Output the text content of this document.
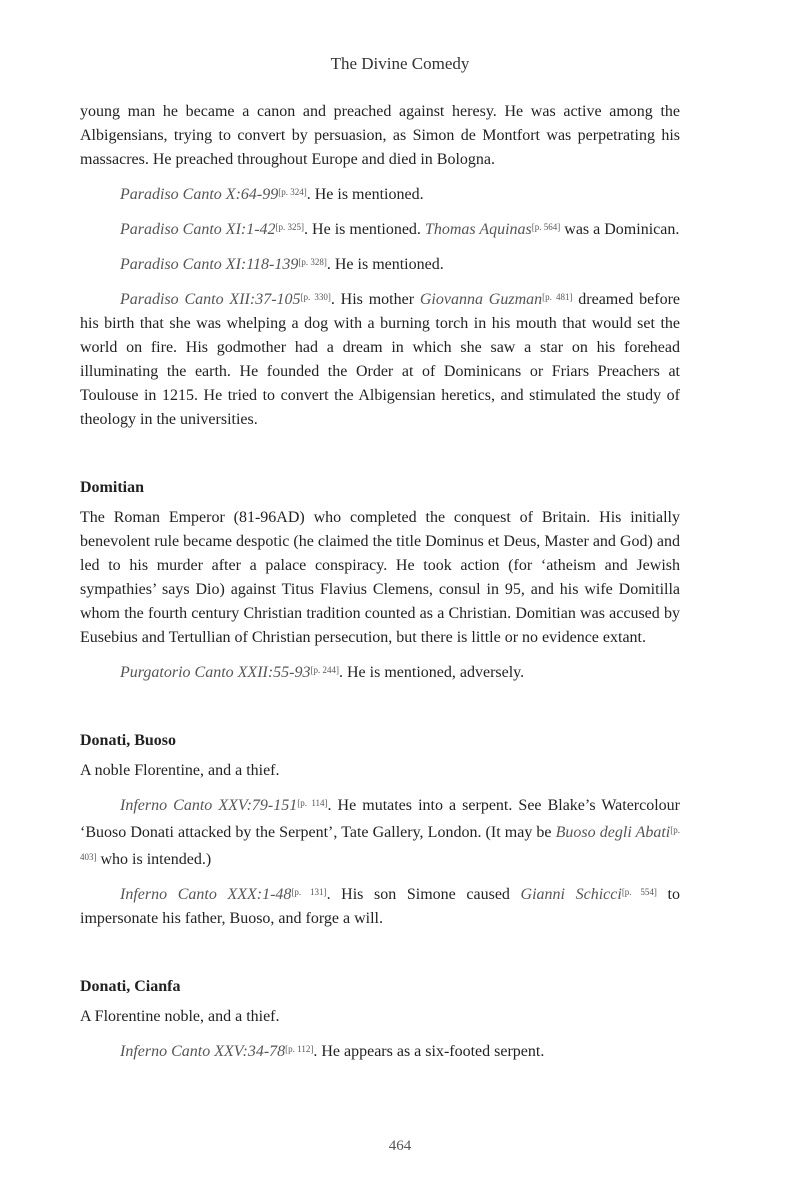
The Divine Comedy

young man he became a canon and preached against heresy. He was active among the Albigensians, trying to convert by persuasion, as Simon de Montfort was perpetrating his massacres. He preached throughout Europe and died in Bologna.

Paradiso Canto X:64-99[p. 324]. He is mentioned.

Paradiso Canto XI:1-42[p. 325]. He is mentioned. Thomas Aquinas[p. 564] was a Dominican.

Paradiso Canto XI:118-139[p. 328]. He is mentioned.

Paradiso Canto XII:37-105[p. 330]. His mother Giovanna Guzman[p. 481] dreamed before his birth that she was whelping a dog with a burning torch in his mouth that would set the world on fire. His godmother had a dream in which she saw a star on his forehead illuminating the earth. He founded the Order at of Dominicans or Friars Preachers at Toulouse in 1215. He tried to convert the Albigensian heretics, and stimulated the study of theology in the universities.

Domitian

The Roman Emperor (81-96AD) who completed the conquest of Britain. His initially benevolent rule became despotic (he claimed the title Dominus et Deus, Master and God) and led to his murder after a palace conspiracy. He took action (for ‘atheism and Jewish sympathies’ says Dio) against Titus Flavius Clemens, consul in 95, and his wife Domitilla whom the fourth century Christian tradition counted as a Christian. Domitian was accused by Eusebius and Tertullian of Christian persecution, but there is little or no evidence extant.

Purgatorio Canto XXII:55-93[p. 244]. He is mentioned, adversely.

Donati, Buoso

A noble Florentine, and a thief.

Inferno Canto XXV:79-151[p. 114]. He mutates into a serpent. See Blake’s Watercolour ‘Buoso Donati attacked by the Serpent’, Tate Gallery, London. (It may be Buoso degli Abati[p. 403] who is intended.)

Inferno Canto XXX:1-48[p. 131]. His son Simone caused Gianni Schicci[p. 554] to impersonate his father, Buoso, and forge a will.

Donati, Cianfa

A Florentine noble, and a thief.

Inferno Canto XXV:34-78[p. 112]. He appears as a six-footed serpent.

464
